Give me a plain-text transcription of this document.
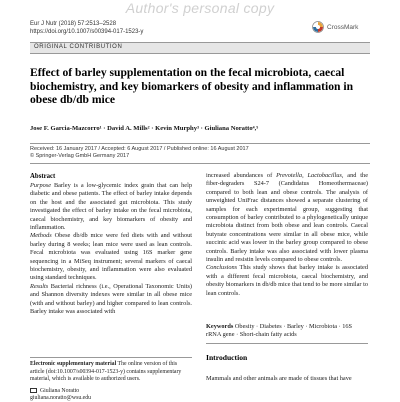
Author's personal copy
Eur J Nutr (2018) 57:2513–2528
https://doi.org/10.1007/s00394-017-1523-y
CrossMark
ORIGINAL CONTRIBUTION
Effect of barley supplementation on the fecal microbiota, caecal biochemistry, and key biomarkers of obesity and inflammation in obese db/db mice
Jose F. Garcia-Mazcorro¹ · David A. Mills² · Kevin Murphy³ · Giuliana Noratto⁴,⁵
Received: 16 January 2017 / Accepted: 6 August 2017 / Published online: 16 August 2017
© Springer-Verlag GmbH Germany 2017
Abstract

Purpose Barley is a low-glycemic index grain that can help diabetic and obese patients. The effect of barley intake depends on the host and the associated gut microbiota. This study investigated the effect of barley intake on the fecal microbiota, caecal biochemistry, and key biomarkers of obesity and inflammation.

Methods Obese db/db mice were fed diets with and without barley during 8 weeks; lean mice were used as lean controls. Fecal microbiota was evaluated using 16S marker gene sequencing in a MiSeq instrument; several markers of caecal biochemistry, obesity, and inflammation were also evaluated using standard techniques.

Results Bacterial richness (i.e., Operational Taxonomic Units) and Shannon diversity indexes were similar in all obese mice (with and without barley) and higher compared to lean controls. Barley intake was associated with

Electronic supplementary material The online version of this article (doi:10.1007/s00394-017-1523-y) contains supplementary material, which is available to authorized users.
Giuliana Noratto
giuliana.noratto@wsu.edu

increased abundances of Prevotella, Lactobacillus, and the fiber-degraders S24-7 (Candidatus Homeothermaceae) compared to both lean and obese controls. The analysis of unweighted UniFrac distances showed a separate clustering of samples for each experimental group, suggesting that consumption of barley contributed to a phylogenetically unique microbiota distinct from both obese and lean controls. Caecal butyrate concentrations were similar in all obese mice, while succinic acid was lower in the barley group compared to obese controls. Barley intake was also associated with lower plasma insulin and resistin levels compared to obese controls.

Conclusions This study shows that barley intake is associated with a different fecal microbiota, caecal biochemistry, and obesity biomarkers in db/db mice that tend to be more similar to lean controls.

Keywords Obesity · Diabetes · Barley · Microbiota · 16S rRNA gene · Short-chain fatty acids
Introduction
Mammals and other animals are made of tissues that have
